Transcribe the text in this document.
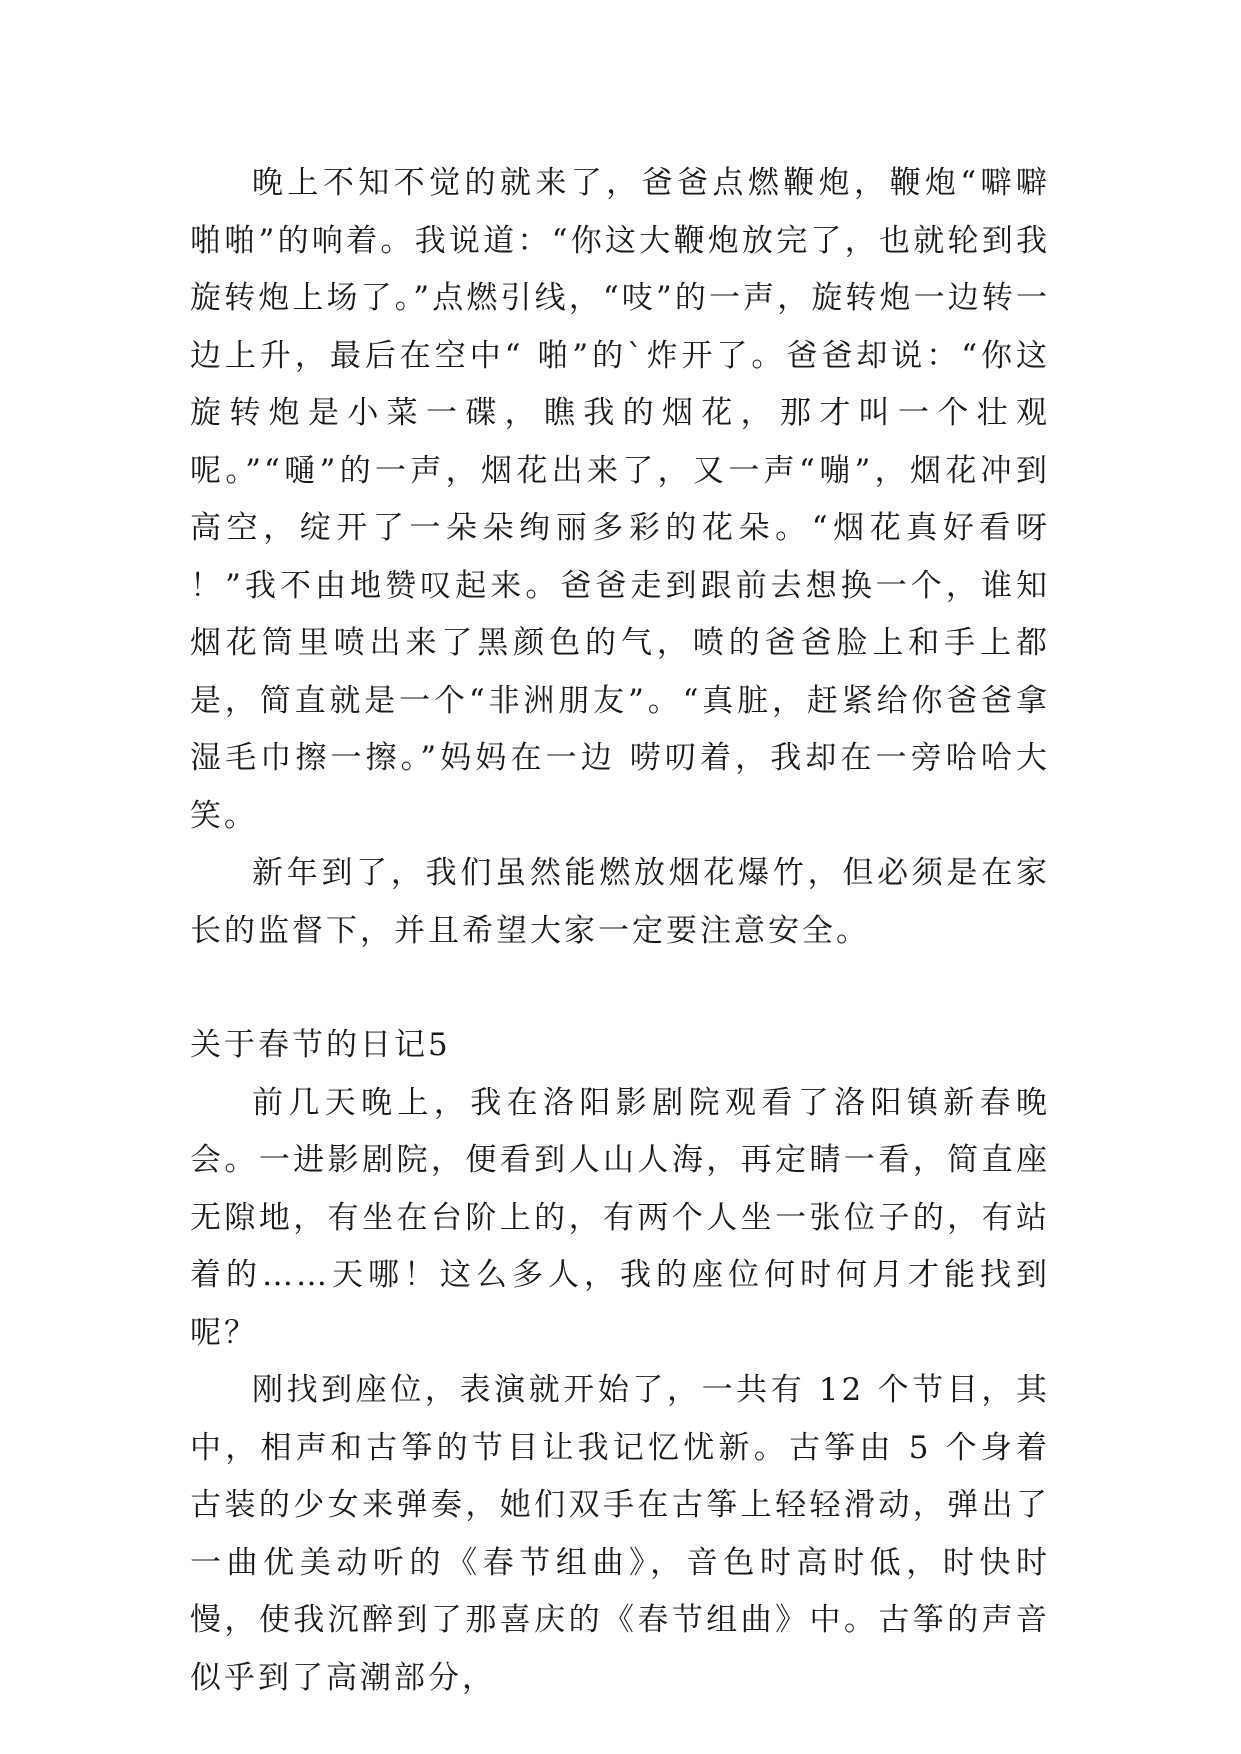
晚上不知不觉的就来了，爸爸点燃鞭炮，鞭炮“噼噼啪啪”的响着。我说道：“你这大鞭炮放完了，也就轮到我旋转炮上场了。”点燃引线，“吱”的一声，旋转炮一边转一边上升，最后在空中“ 啪”的`炸开了。爸爸却说：“你这旋转炮是小菜一碟，瞧我的烟花，那才叫一个壮观呢。”“嗵”的一声，烟花出来了，又一声“嘣”，烟花冲到高空，绽开了一朵朵绚丽多彩的花朵。“烟花真好看呀 ！”我不由地赞叹起来。爸爸走到跟前去想换一个，谁知烟花筒里喷出来了黑颜色的气，喷的爸爸脸上和手上都是，简直就是一个“非洲朋友”。“真脏，赶紧给你爸爸拿湿毛巾擦一擦。”妈妈在一边 唠叨着，我却在一旁哈哈大笑。

新年到了，我们虽然能燃放烟花爆竹，但必须是在家长的监督下，并且希望大家一定要注意安全。

关于春节的日记5

前几天晚上，我在洛阳影剧院观看了洛阳镇新春晚会。一进影剧院，便看到人山人海，再定睛一看，简直座无隙地，有坐在台阶上的，有两个人坐一张位子的，有站着的……天哪！这么多人，我的座位何时何月才能找到呢？

刚找到座位，表演就开始了，一共有 12 个节目，其中，相声和古筝的节目让我记忆忧新。古筝由 5 个身着古装的少女来弹奏，她们双手在古筝上轻轻滑动，弹出了一曲优美动听的《春节组曲》，音色时高时低，时快时慢，使我沉醉到了那喜庆的《春节组曲》中。古筝的声音似乎到了高潮部分，
